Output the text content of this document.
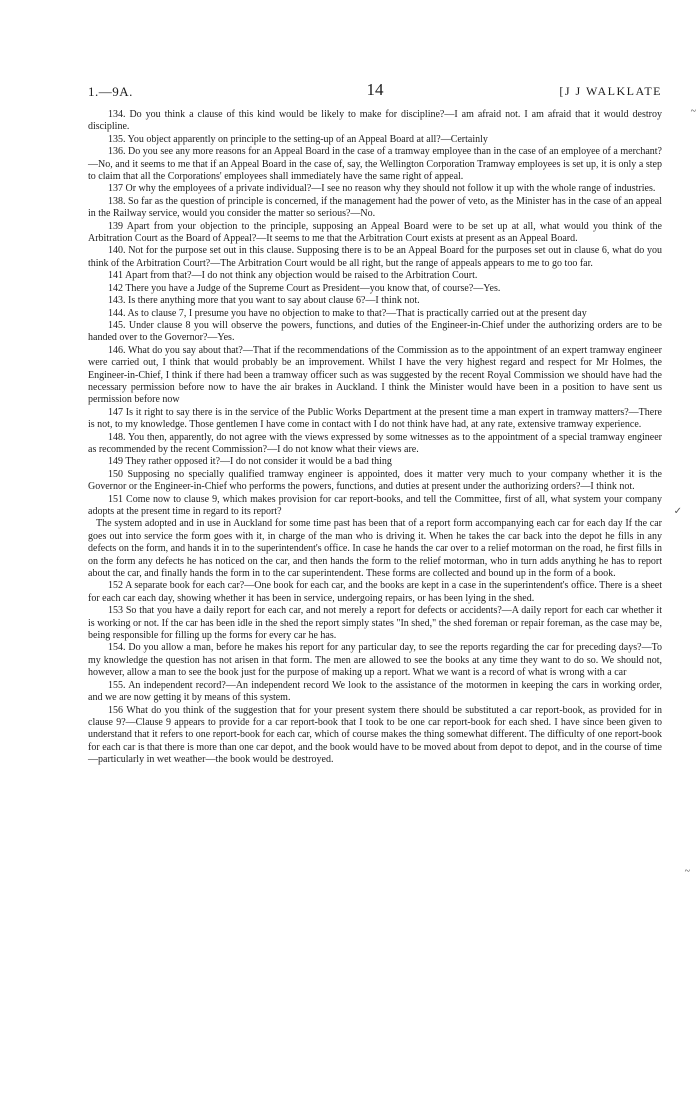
1.—9A.	14	[J J WALKLATE
~
✓
~

134. Do you think a clause of this kind would be likely to make for discipline?—I am afraid not. I am afraid that it would destroy discipline.

135. You object apparently on principle to the setting-up of an Appeal Board at all?—Certainly

136. Do you see any more reasons for an Appeal Board in the case of a tramway employee than in the case of an employee of a merchant?—No, and it seems to me that if an Appeal Board in the case of, say, the Wellington Corporation Tramway employees is set up, it is only a step to claim that all the Corporations' employees shall immediately have the same right of appeal.

137 Or why the employees of a private individual?—I see no reason why they should not follow it up with the whole range of industries.

138. So far as the question of principle is concerned, if the management had the power of veto, as the Minister has in the case of an appeal in the Railway service, would you consider the matter so serious?—No.

139 Apart from your objection to the principle, supposing an Appeal Board were to be set up at all, what would you think of the Arbitration Court as the Board of Appeal?—It seems to me that the Arbitration Court exists at present as an Appeal Board.

140. Not for the purpose set out in this clause. Supposing there is to be an Appeal Board for the purposes set out in clause 6, what do you think of the Arbitration Court?—The Arbitration Court would be all right, but the range of appeals appears to me to go too far.

141 Apart from that?—I do not think any objection would be raised to the Arbitration Court.

142 There you have a Judge of the Supreme Court as President—you know that, of course?—Yes.

143. Is there anything more that you want to say about clause 6?—I think not.

144. As to clause 7, I presume you have no objection to make to that?—That is practically carried out at the present day

145. Under clause 8 you will observe the powers, functions, and duties of the Engineer-in-Chief under the authorizing orders are to be handed over to the Governor?—Yes.

146. What do you say about that?—That if the recommendations of the Commission as to the appointment of an expert tramway engineer were carried out, I think that would probably be an improvement. Whilst I have the very highest regard and respect for Mr Holmes, the Engineer-in-Chief, I think if there had been a tramway officer such as was suggested by the recent Royal Commission we should have had the necessary permission before now to have the air brakes in Auckland. I think the Minister would have been in a position to have sent us permission before now

147 Is it right to say there is in the service of the Public Works Department at the present time a man expert in tramway matters?—There is not, to my knowledge. Those gentlemen I have come in contact with I do not think have had, at any rate, extensive tramway experience.

148. You then, apparently, do not agree with the views expressed by some witnesses as to the appointment of a special tramway engineer as recommended by the recent Commission?—I do not know what their views are.

149 They rather opposed it?—I do not consider it would be a bad thing

150 Supposing no specially qualified tramway engineer is appointed, does it matter very much to your company whether it is the Governor or the Engineer-in-Chief who performs the powers, functions, and duties at present under the authorizing orders?—I think not.

151 Come now to clause 9, which makes provision for car report-books, and tell the Committee, first of all, what system your company adopts at the present time in regard to its report?

The system adopted and in use in Auckland for some time past has been that of a report form accompanying each car for each day If the car goes out into service the form goes with it, in charge of the man who is driving it. When he takes the car back into the depot he fills in any defects on the form, and hands it in to the superintendent's office. In case he hands the car over to a relief motorman on the road, he first fills in on the form any defects he has noticed on the car, and then hands the form to the relief motorman, who in turn adds anything he has to report about the car, and finally hands the form in to the car superintendent. These forms are collected and bound up in the form of a book.

152 A separate book for each car?—One book for each car, and the books are kept in a case in the superintendent's office. There is a sheet for each car each day, showing whether it has been in service, undergoing repairs, or has been lying in the shed.

153 So that you have a daily report for each car, and not merely a report for defects or accidents?—A daily report for each car whether it is working or not. If the car has been idle in the shed the report simply states "In shed," the shed foreman or repair foreman, as the case may be, being responsible for filling up the forms for every car he has.

154. Do you allow a man, before he makes his report for any particular day, to see the reports regarding the car for preceding days?—To my knowledge the question has not arisen in that form. The men are allowed to see the books at any time they want to do so. We should not, however, allow a man to see the book just for the purpose of making up a report. What we want is a record of what is wrong with a car

155. An independent record?—An independent record We look to the assistance of the motormen in keeping the cars in working order, and we are now getting it by means of this system.

156 What do you think of the suggestion that for your present system there should be substituted a car report-book, as provided for in clause 9?—Clause 9 appears to provide for a car report-book that I took to be one car report-book for each shed. I have since been given to understand that it refers to one report-book for each car, which of course makes the thing somewhat different. The difficulty of one report-book for each car is that there is more than one car depot, and the book would have to be moved about from depot to depot, and in the course of time—particularly in wet weather—the book would be destroyed.
